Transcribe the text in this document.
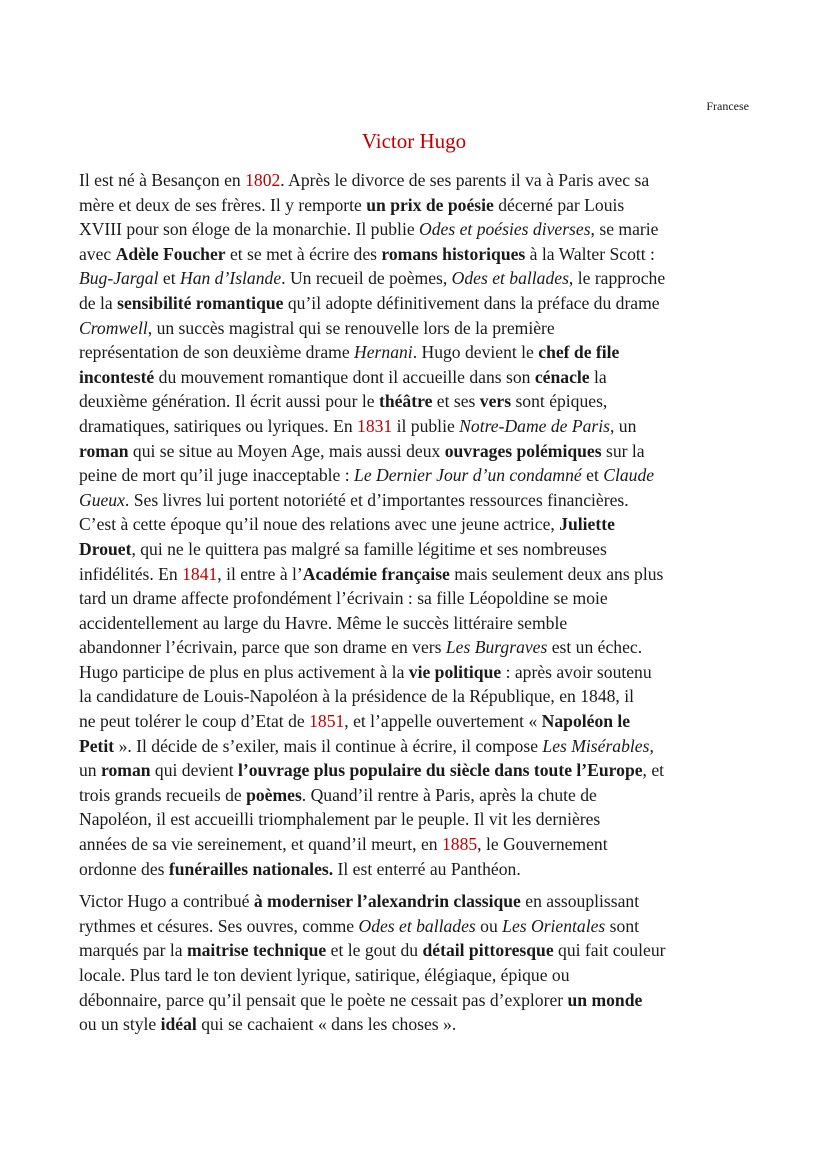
Francese
Victor Hugo

Il est né à Besançon en 1802. Après le divorce de ses parents il va à Paris avec sa
mère et deux de ses frères. Il y remporte un prix de poésie décerné par Louis
XVIII pour son éloge de la monarchie. Il publie Odes et poésies diverses, se marie
avec Adèle Foucher et se met à écrire des romans historiques à la Walter Scott :
Bug-Jargal et Han d’Islande. Un recueil de poèmes, Odes et ballades, le rapproche
de la sensibilité romantique qu’il adopte définitivement dans la préface du drame
Cromwell, un succès magistral qui se renouvelle lors de la première
représentation de son deuxième drame Hernani. Hugo devient le chef de file
incontesté du mouvement romantique dont il accueille dans son cénacle la
deuxième génération. Il écrit aussi pour le théâtre et ses vers sont épiques,
dramatiques, satiriques ou lyriques. En 1831 il publie Notre-Dame de Paris, un
roman qui se situe au Moyen Age, mais aussi deux ouvrages polémiques sur la
peine de mort qu’il juge inacceptable : Le Dernier Jour d’un condamné et Claude
Gueux. Ses livres lui portent notoriété et d’importantes ressources financières.
C’est à cette époque qu’il noue des relations avec une jeune actrice, Juliette
Drouet, qui ne le quittera pas malgré sa famille légitime et ses nombreuses
infidélités. En 1841, il entre à l’Académie française mais seulement deux ans plus
tard un drame affecte profondément l’écrivain : sa fille Léopoldine se moie
accidentellement au large du Havre. Même le succès littéraire semble
abandonner l’écrivain, parce que son drame en vers Les Burgraves est un échec.
Hugo participe de plus en plus activement à la vie politique : après avoir soutenu
la candidature de Louis-Napoléon à la présidence de la République, en 1848, il
ne peut tolérer le coup d’Etat de 1851, et l’appelle ouvertement « Napoléon le
Petit ». Il décide de s’exiler, mais il continue à écrire, il compose Les Misérables,
un roman qui devient l’ouvrage plus populaire du siècle dans toute l’Europe, et
trois grands recueils de poèmes. Quand’il rentre à Paris, après la chute de
Napoléon, il est accueilli triomphalement par le peuple. Il vit les dernières
années de sa vie sereinement, et quand’il meurt, en 1885, le Gouvernement
ordonne des funérailles nationales. Il est enterré au Panthéon.

Victor Hugo a contribué à moderniser l’alexandrin classique en assouplissant
rythmes et césures. Ses ouvres, comme Odes et ballades ou Les Orientales sont
marqués par la maitrise technique et le gout du détail pittoresque qui fait couleur
locale. Plus tard le ton devient lyrique, satirique, élégiaque, épique ou
débonnaire, parce qu’il pensait que le poète ne cessait pas d’explorer un monde
ou un style idéal qui se cachaient « dans les choses ».
